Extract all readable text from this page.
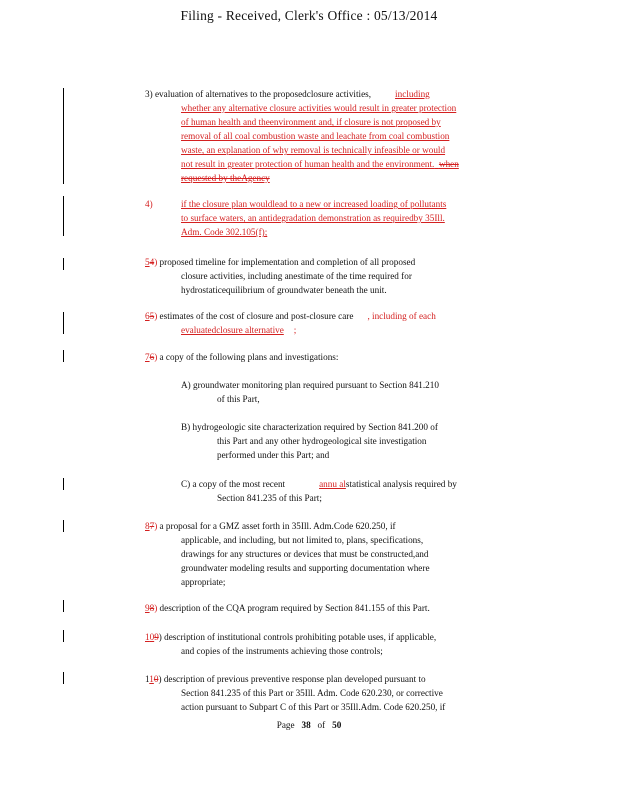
Filing - Received, Clerk's Office : 05/13/2014
3) evaluation of alternatives to the proposedclosure activities,	including
whether any alternative closure activities would result in greater protection
of human health and theenvironment and, if closure is not proposed by
removal of all coal combustion waste and leachate from coal combustion
waste, an explanation of why removal is technically infeasible or would
not result in greater protection of human health and the environment. when
requested by theAgency
4)	if the closure plan wouldlead to a new or increased loading of pollutants
to surface waters, an antidegradation demonstration as requiredby 35Ill.
Adm. Code 302.105(f);
54) proposed timeline for implementation and completion of all proposed
closure activities, including anestimate of the time required for
hydrostaticequilibrium of groundwater beneath the unit.
65) estimates of the cost of closure and post-closure care , including of each
evaluatedclosure alternative ;
76) a copy of the following plans and investigations:
A) groundwater monitoring plan required pursuant to Section 841.210
of this Part,
B) hydrogeologic site characterization required by Section 841.200 of
this Part and any other hydrogeological site investigation
performed under this Part; and
C) a copy of the most recent	annu alstatistical analysis required by
Section 841.235 of this Part;
87) a proposal for a GMZ asset forth in 35Ill. Adm.Code 620.250, if
applicable, and including, but not limited to, plans, specifications,
drawings for any structures or devices that must be constructed,and
groundwater modeling results and supporting documentation where
appropriate;
98) description of the CQA program required by Section 841.155 of this Part.
109) description of institutional controls prohibiting potable uses, if applicable,
and copies of the instruments achieving those controls;
110) description of previous preventive response plan developed pursuant to
Section 841.235 of this Part or 35Ill. Adm. Code 620.230, or corrective
action pursuant to Subpart C of this Part or 35Ill.Adm. Code 620.250, if
Page 38 of 50
